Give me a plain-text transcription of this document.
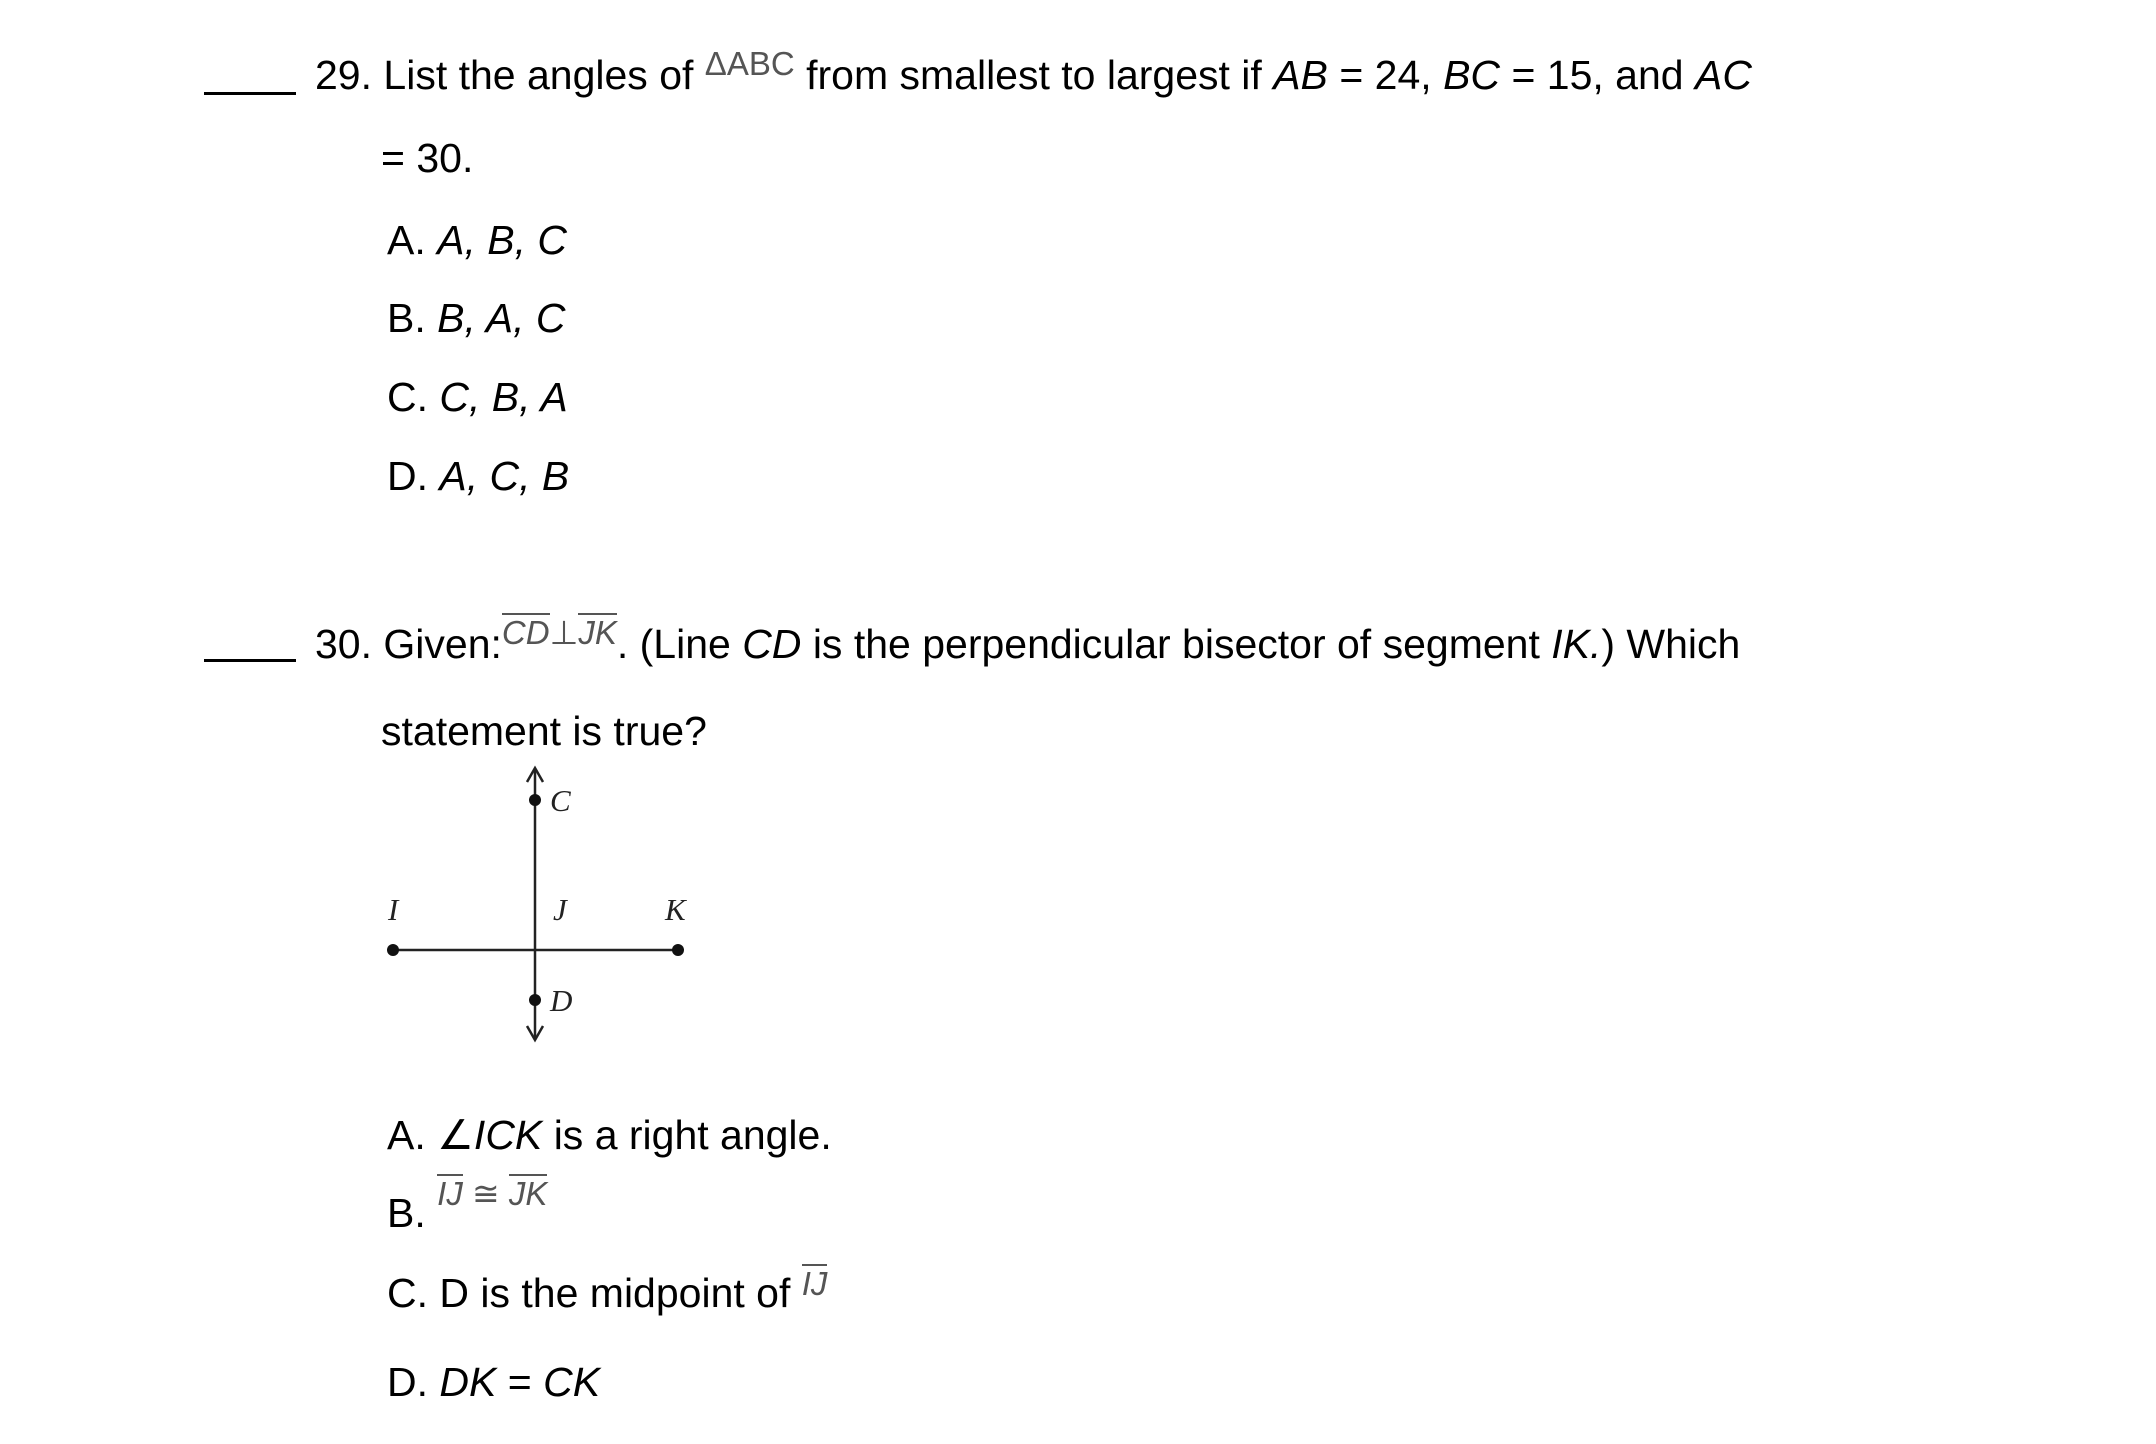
29. List the angles of $^{\Delta ABC}$ from smallest to largest if AB = 24, BC = 15, and AC
= 30.
A. A, B, C
B. B, A, C
C. C, B, A
D. A, C, B
30. Given:$^{CD\perp JK}$. (Line CD is the perpendicular bisector of segment IK.) Which
statement is true?
C
I	J	K
D
A. ∠ICK is a right angle.
B. $^{IJ ≅ JK}$
C. D is the midpoint of IJ
D. DK = CK
